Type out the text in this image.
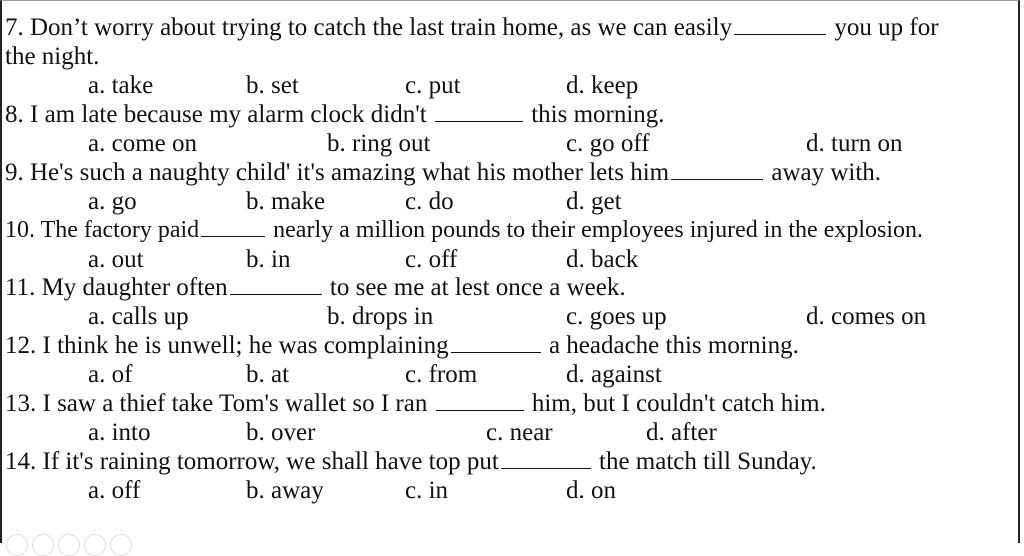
7. Don’t worry about trying to catch the last train home, as we can easily	you up for
the night.
a. take	b. set	c. put	d. keep
8. I am late because my alarm clock didn't	this morning.
a. come on	b. ring out	c. go off	d. turn on
9. He's such a naughty child' it's amazing what his mother lets him	away with.
a. go	b. make	c. do	d. get
10. The factory paid	nearly a million pounds to their employees injured in the explosion.
a. out	b. in	c. off	d. back
11. My daughter often	to see me at lest once a week.
a. calls up	b. drops in	c. goes up	d. comes on
12. I think he is unwell; he was complaining	a headache this morning.
a. of	b. at	c. from	d. against
13. I saw a thief take Tom's wallet so I ran	him, but I couldn't catch him.
a. into	b. over	c. near	d. after
14. If it's raining tomorrow, we shall have top put	the match till Sunday.
a. off	b. away	c. in	d. on
